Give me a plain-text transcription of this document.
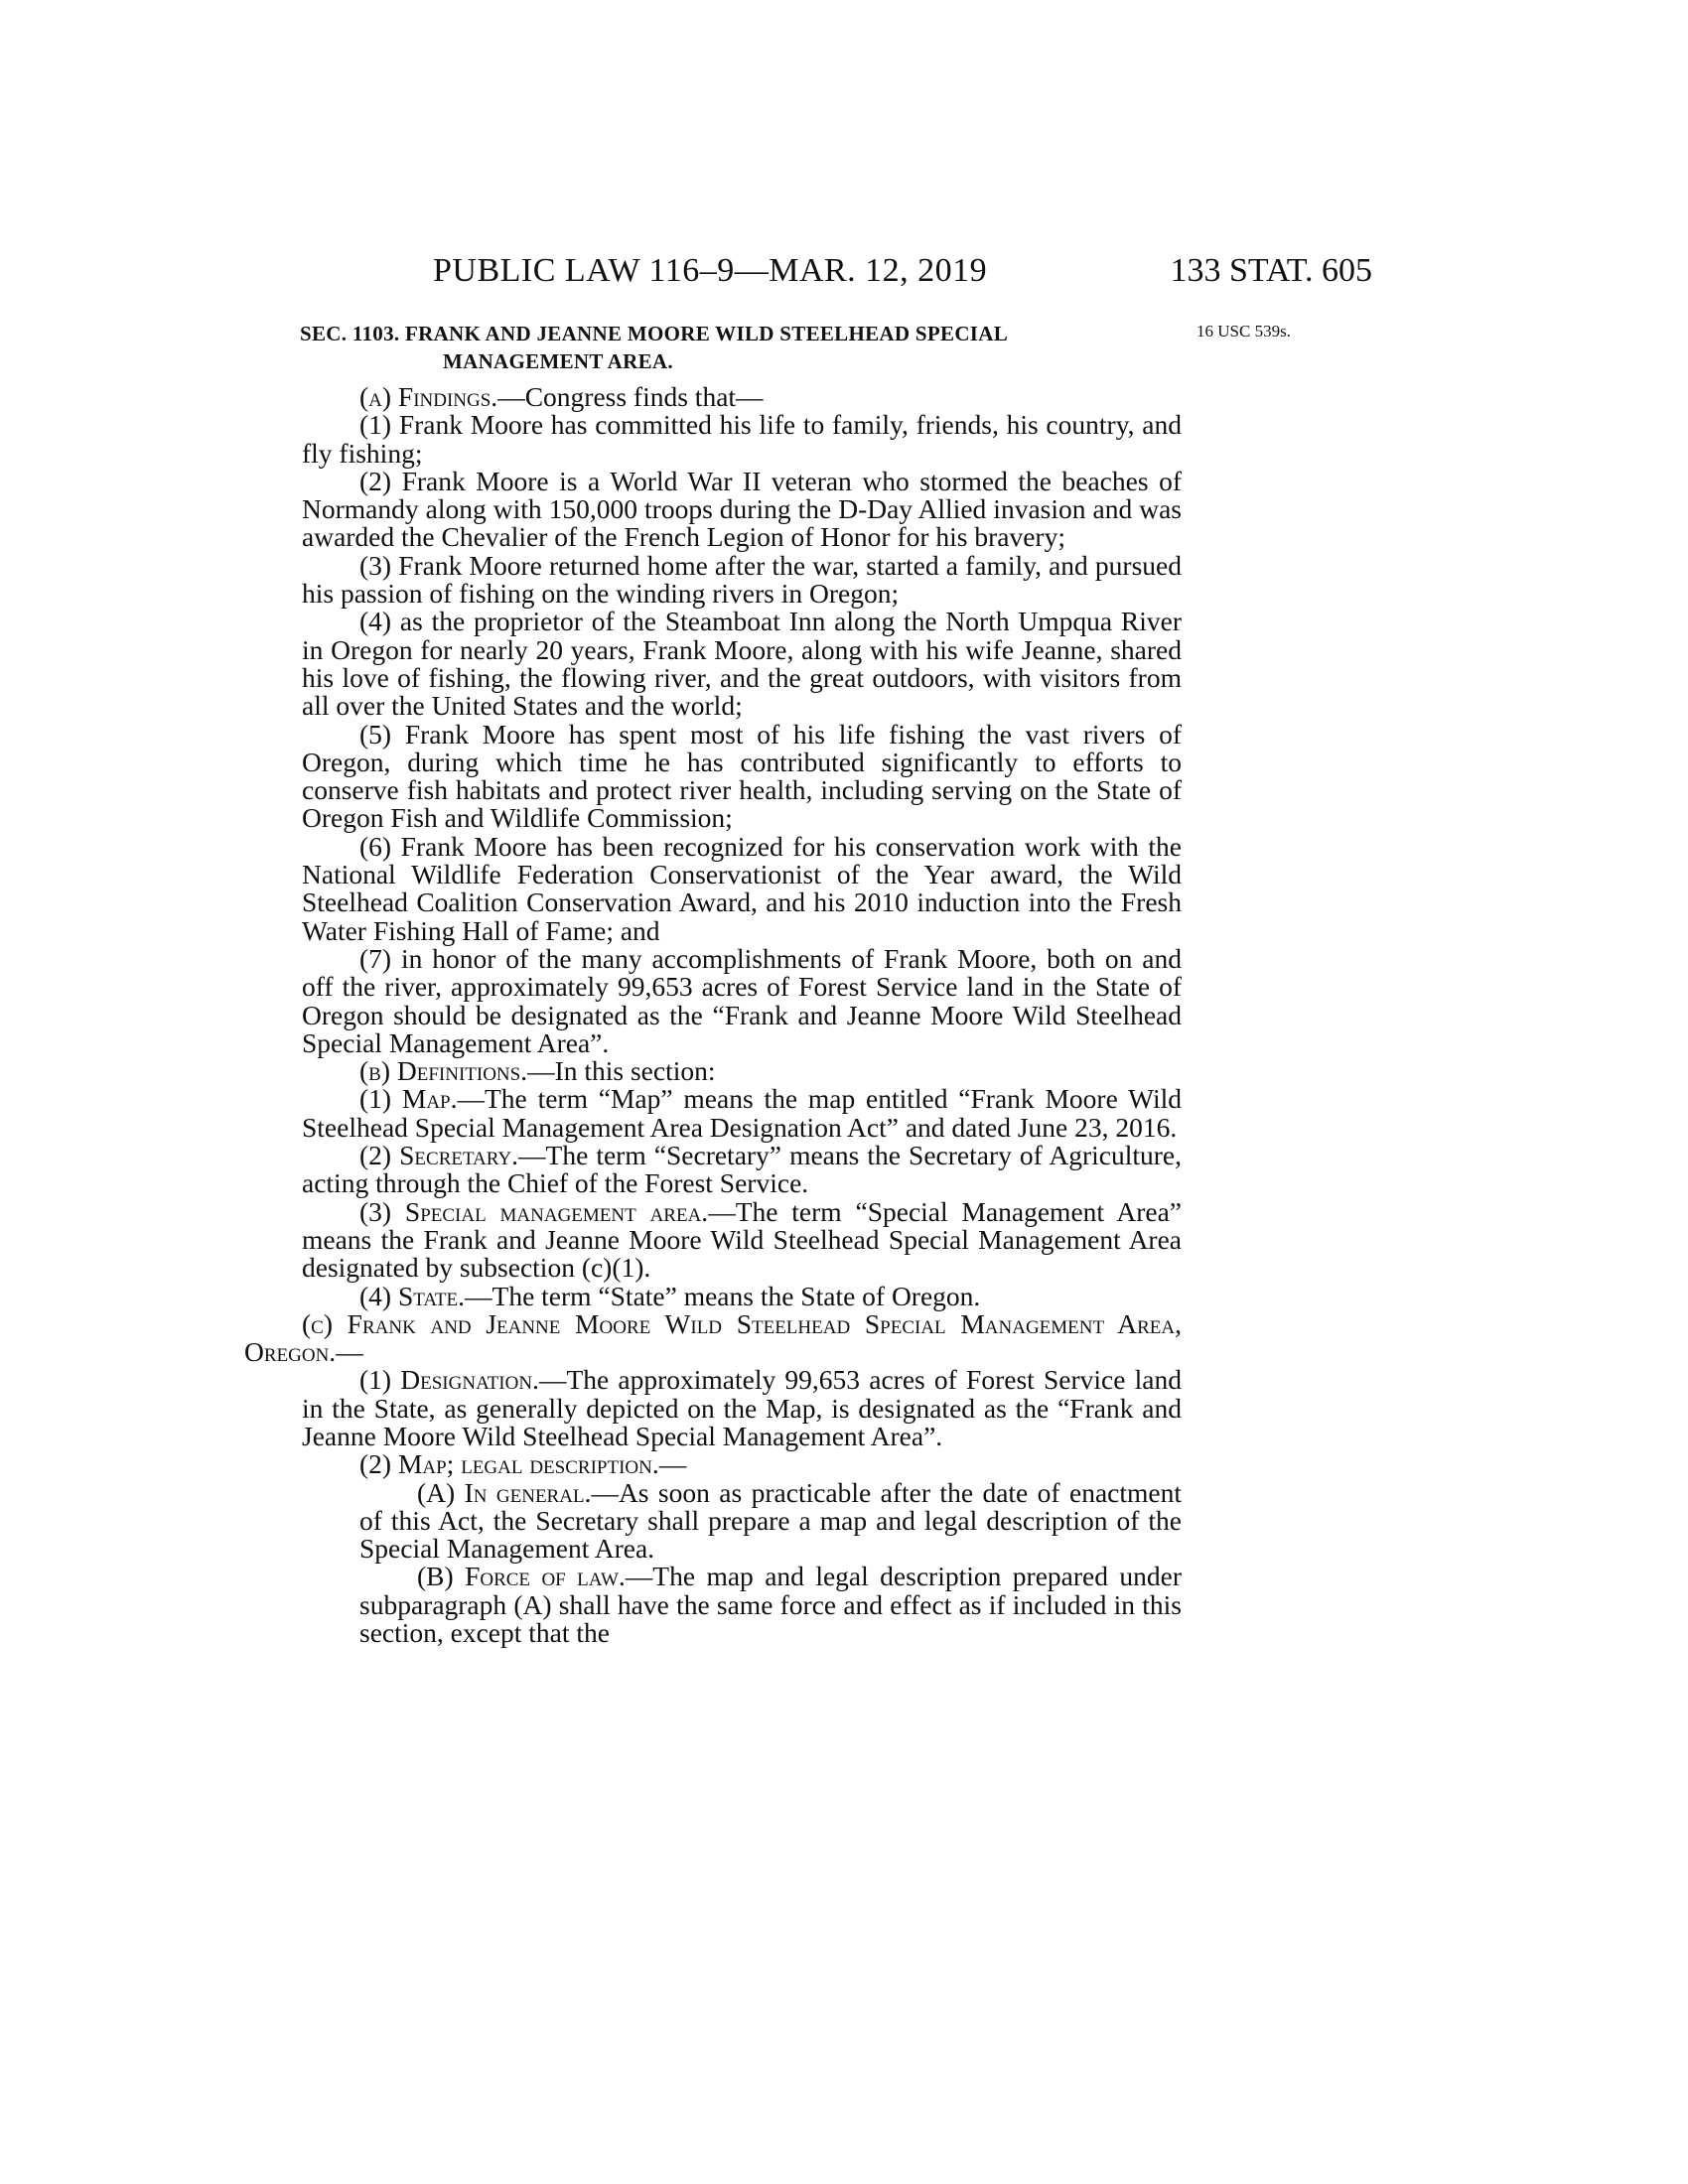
PUBLIC LAW 116–9—MAR. 12, 2019	133 STAT. 605
SEC. 1103. FRANK AND JEANNE MOORE WILD STEELHEAD SPECIAL
MANAGEMENT AREA.
16 USC 539s.

(a) Findings.—Congress finds that—

(1) Frank Moore has committed his life to family, friends, his country, and fly fishing;

(2) Frank Moore is a World War II veteran who stormed the beaches of Normandy along with 150,000 troops during the D-Day Allied invasion and was awarded the Chevalier of the French Legion of Honor for his bravery;

(3) Frank Moore returned home after the war, started a family, and pursued his passion of fishing on the winding rivers in Oregon;

(4) as the proprietor of the Steamboat Inn along the North Umpqua River in Oregon for nearly 20 years, Frank Moore, along with his wife Jeanne, shared his love of fishing, the flowing river, and the great outdoors, with visitors from all over the United States and the world;

(5) Frank Moore has spent most of his life fishing the vast rivers of Oregon, during which time he has contributed significantly to efforts to conserve fish habitats and protect river health, including serving on the State of Oregon Fish and Wildlife Commission;

(6) Frank Moore has been recognized for his conservation work with the National Wildlife Federation Conservationist of the Year award, the Wild Steelhead Coalition Conservation Award, and his 2010 induction into the Fresh Water Fishing Hall of Fame; and

(7) in honor of the many accomplishments of Frank Moore, both on and off the river, approximately 99,653 acres of Forest Service land in the State of Oregon should be designated as the “Frank and Jeanne Moore Wild Steelhead Special Management Area”.

(b) Definitions.—In this section:

(1) Map.—The term “Map” means the map entitled “Frank Moore Wild Steelhead Special Management Area Designation Act” and dated June 23, 2016.

(2) Secretary.—The term “Secretary” means the Secretary of Agriculture, acting through the Chief of the Forest Service.

(3) Special management area.—The term “Special Management Area” means the Frank and Jeanne Moore Wild Steelhead Special Management Area designated by subsection (c)(1).

(4) State.—The term “State” means the State of Oregon.

(c) Frank and Jeanne Moore Wild Steelhead Special Management Area, Oregon.—

(1) Designation.—The approximately 99,653 acres of Forest Service land in the State, as generally depicted on the Map, is designated as the “Frank and Jeanne Moore Wild Steelhead Special Management Area”.

(2) Map; legal description.—

(A) In general.—As soon as practicable after the date of enactment of this Act, the Secretary shall prepare a map and legal description of the Special Management Area.

(B) Force of law.—The map and legal description prepared under subparagraph (A) shall have the same force and effect as if included in this section, except that the
